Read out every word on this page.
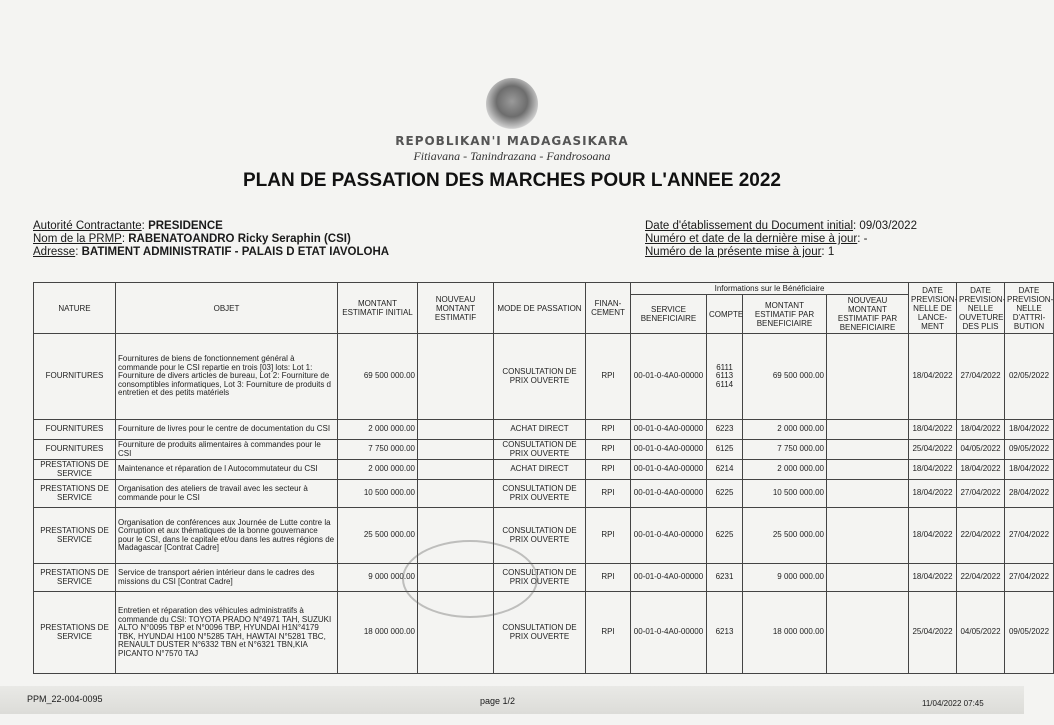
REPOBLIKAN'I MADAGASIKARA
Fitiavana - Tanindrazana - Fandrosoana
PLAN DE PASSATION DES MARCHES POUR L'ANNEE 2022
Autorité Contractante: PRESIDENCE
Nom de la PRMP: RABENATOANDRO Ricky Seraphin (CSI)
Adresse: BATIMENT ADMINISTRATIF - PALAIS D ETAT IAVOLOHA
Date d'établissement du Document initial: 09/03/2022
Numéro et date de la dernière mise à jour: -
Numéro de la présente mise à jour: 1
NATURE	OBJET	MONTANT ESTIMATIF INITIAL	NOUVEAU MONTANT ESTIMATIF	MODE DE PASSATION	FINAN- CEMENT	Informations sur le Bénéficiaire				DATE PREVISION- NELLE DE LANCE- MENT	DATE PREVISION- NELLE OUVETURE DES PLIS	DATE PREVISION- NELLE D'ATTRI- BUTION
						SERVICE BENEFICIAIRE	COMPTE	MONTANT ESTIMATIF PAR BENEFICIAIRE	NOUVEAU MONTANT ESTIMATIF PAR BENEFICIAIRE			
FOURNITURES	Fournitures de biens de fonctionnement général à commande pour le CSI repartie en trois [03] lots: Lot 1: Fourniture de divers articles de bureau, Lot 2: Fourniture de consomptibles informatiques, Lot 3: Fourniture de produits d entretien et des petits matériels	69 500 000.00		CONSULTATION DE PRIX OUVERTE	RPI	00-01-0-4A0-00000	6111 6113 6114	69 500 000.00		18/04/2022	27/04/2022	02/05/2022
FOURNITURES	Fourniture de livres pour le centre de documentation du CSI	2 000 000.00		ACHAT DIRECT	RPI	00-01-0-4A0-00000	6223	2 000 000.00		18/04/2022	18/04/2022	18/04/2022
FOURNITURES	Fourniture de produits alimentaires à commandes pour le CSI	7 750 000.00		CONSULTATION DE PRIX OUVERTE	RPI	00-01-0-4A0-00000	6125	7 750 000.00		25/04/2022	04/05/2022	09/05/2022
PRESTATIONS DE SERVICE	Maintenance et réparation de l Autocommutateur du CSI	2 000 000.00		ACHAT DIRECT	RPI	00-01-0-4A0-00000	6214	2 000 000.00		18/04/2022	18/04/2022	18/04/2022
PRESTATIONS DE SERVICE	Organisation des ateliers de travail avec les secteur à commande pour le CSI	10 500 000.00		CONSULTATION DE PRIX OUVERTE	RPI	00-01-0-4A0-00000	6225	10 500 000.00		18/04/2022	27/04/2022	28/04/2022
PRESTATIONS DE SERVICE	Organisation de conférences aux Journée de Lutte contre la Corruption et aux thématiques de la bonne gouvernance pour le CSI, dans le capitale et/ou dans les autres régions de Madagascar [Contrat Cadre]	25 500 000.00		CONSULTATION DE PRIX OUVERTE	RPI	00-01-0-4A0-00000	6225	25 500 000.00		18/04/2022	22/04/2022	27/04/2022
PRESTATIONS DE SERVICE	Service de transport aérien intérieur dans le cadres des missions du CSI [Contrat Cadre]	9 000 000.00		CONSULTATION DE PRIX OUVERTE	RPI	00-01-0-4A0-00000	6231	9 000 000.00		18/04/2022	22/04/2022	27/04/2022
PRESTATIONS DE SERVICE	Entretien et réparation des véhicules administratifs à commande du CSI: TOYOTA PRADO N°4971 TAH, SUZUKI ALTO N°0095 TBP et N°0096 TBP, HYUNDAI H1N°4179 TBK, HYUNDAI H100 N°5285 TAH, HAWTAI N°5281 TBC, RENAULT DUSTER N°6332 TBN et N°6321 TBN,KIA PICANTO N°7570 TAJ	18 000 000.00		CONSULTATION DE PRIX OUVERTE	RPI	00-01-0-4A0-00000	6213	18 000 000.00		25/04/2022	04/05/2022	09/05/2022
PPM_22-004-0095	page 1/2	11/04/2022 07:45
